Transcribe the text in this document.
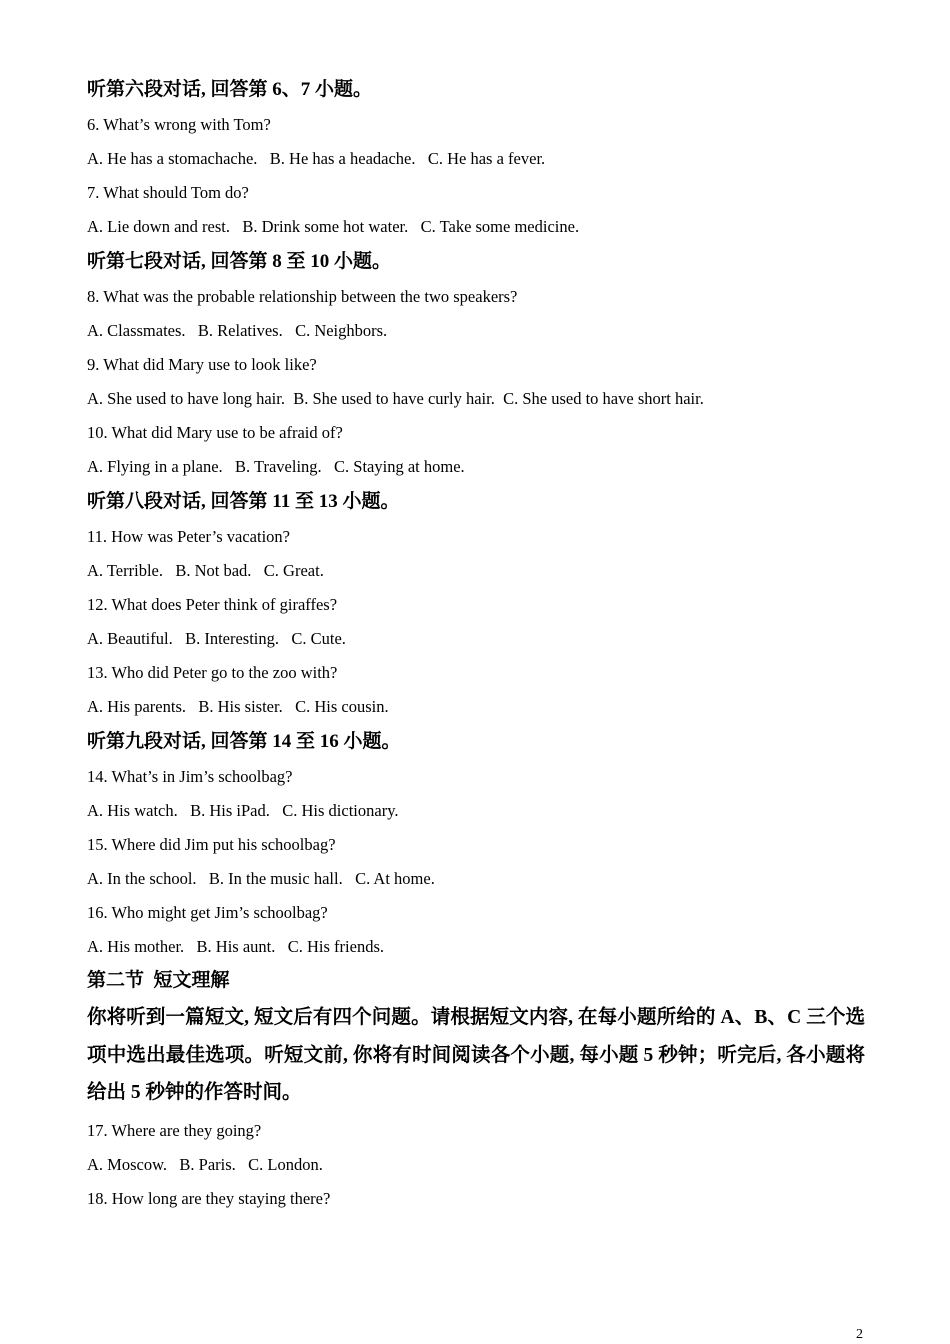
听第六段对话, 回答第 6、7 小题。
6. What’s wrong with Tom?
A. He has a stomachache.   B. He has a headache.   C. He has a fever.
7. What should Tom do?
A. Lie down and rest.   B. Drink some hot water.   C. Take some medicine.
听第七段对话, 回答第 8 至 10 小题。
8. What was the probable relationship between the two speakers?
A. Classmates.   B. Relatives.   C. Neighbors.
9. What did Mary use to look like?
A. She used to have long hair.  B. She used to have curly hair.  C. She used to have short hair.
10. What did Mary use to be afraid of?
A. Flying in a plane.   B. Traveling.   C. Staying at home.
听第八段对话, 回答第 11 至 13 小题。
11. How was Peter’s vacation?
A. Terrible.   B. Not bad.   C. Great.
12. What does Peter think of giraffes?
A. Beautiful.   B. Interesting.   C. Cute.
13. Who did Peter go to the zoo with?
A. His parents.   B. His sister.   C. His cousin.
听第九段对话, 回答第 14 至 16 小题。
14. What’s in Jim’s schoolbag?
A. His watch.   B. His iPad.   C. His dictionary.
15. Where did Jim put his schoolbag?
A. In the school.   B. In the music hall.   C. At home.
16. Who might get Jim’s schoolbag?
A. His mother.   B. His aunt.   C. His friends.
第二节  短文理解
你将听到一篇短文, 短文后有四个问题。请根据短文内容, 在每小题所给的 A、B、C 三个选项中选出最佳选项。听短文前, 你将有时间阅读各个小题, 每小题 5 秒钟；听完后, 各小题将给出 5 秒钟的作答时间。
17. Where are they going?
A. Moscow.   B. Paris.   C. London.
18. How long are they staying there?
2
